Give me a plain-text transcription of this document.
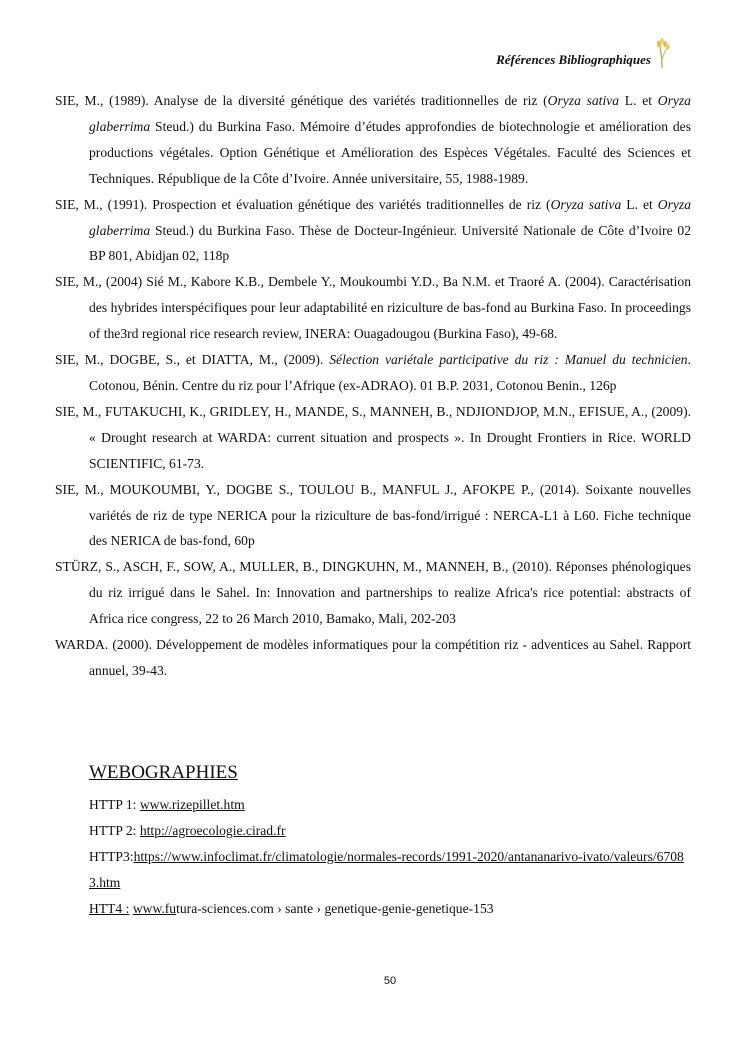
Références Bibliographiques

SIE, M., (1989). Analyse de la diversité génétique des variétés traditionnelles de riz (Oryza sativa L. et Oryza glaberrima Steud.) du Burkina Faso. Mémoire d’études approfondies de biotechnologie et amélioration des productions végétales. Option Génétique et Amélioration des Espèces Végétales. Faculté des Sciences et Techniques. République de la Côte d’Ivoire. Année universitaire, 55, 1988-1989.

SIE, M., (1991). Prospection et évaluation génétique des variétés traditionnelles de riz (Oryza sativa L. et Oryza glaberrima Steud.) du Burkina Faso. Thèse de Docteur-Ingénieur. Université Nationale de Côte d’Ivoire 02 BP 801, Abidjan 02, 118p

SIE, M., (2004) Sié M., Kabore K.B., Dembele Y., Moukoumbi Y.D., Ba N.M. et Traoré A. (2004). Caractérisation des hybrides interspécifiques pour leur adaptabilité en riziculture de bas-fond au Burkina Faso. In proceedings of the3rd regional rice research review, INERA: Ouagadougou (Burkina Faso), 49-68.

SIE, M., DOGBE, S., et DIATTA, M., (2009). Sélection variétale participative du riz : Manuel du technicien. Cotonou, Bénin. Centre du riz pour l’Afrique (ex-ADRAO). 01 B.P. 2031, Cotonou Benin., 126p

SIE, M., FUTAKUCHI, K., GRIDLEY, H., MANDE, S., MANNEH, B., NDJIONDJOP, M.N., EFISUE, A., (2009). « Drought research at WARDA: current situation and prospects ». In Drought Frontiers in Rice. WORLD SCIENTIFIC, 61-73.

SIE, M., MOUKOUMBI, Y., DOGBE S., TOULOU B., MANFUL J., AFOKPE P., (2014). Soixante nouvelles variétés de riz de type NERICA pour la riziculture de bas-fond/irrigué : NERCA-L1 à L60. Fiche technique des NERICA de bas-fond, 60p

STÜRZ, S., ASCH, F., SOW, A., MULLER, B., DINGKUHN, M., MANNEH, B., (2010). Réponses phénologiques du riz irrigué dans le Sahel. In: Innovation and partnerships to realize Africa's rice potential: abstracts of Africa rice congress, 22 to 26 March 2010, Bamako, Mali, 202-203

WARDA. (2000). Développement de modèles informatiques pour la compétition riz - adventices au Sahel. Rapport annuel, 39-43.

WEBOGRAPHIES

HTTP 1: www.rizepillet.htm

HTTP 2: http://agroecologie.cirad.fr

HTTP3:https://www.infoclimat.fr/climatologie/normales-records/1991-2020/antananarivo-ivato/valeurs/67083.htm

HTT4 : www.futura-sciences.com › sante › genetique-genie-genetique-153

50
